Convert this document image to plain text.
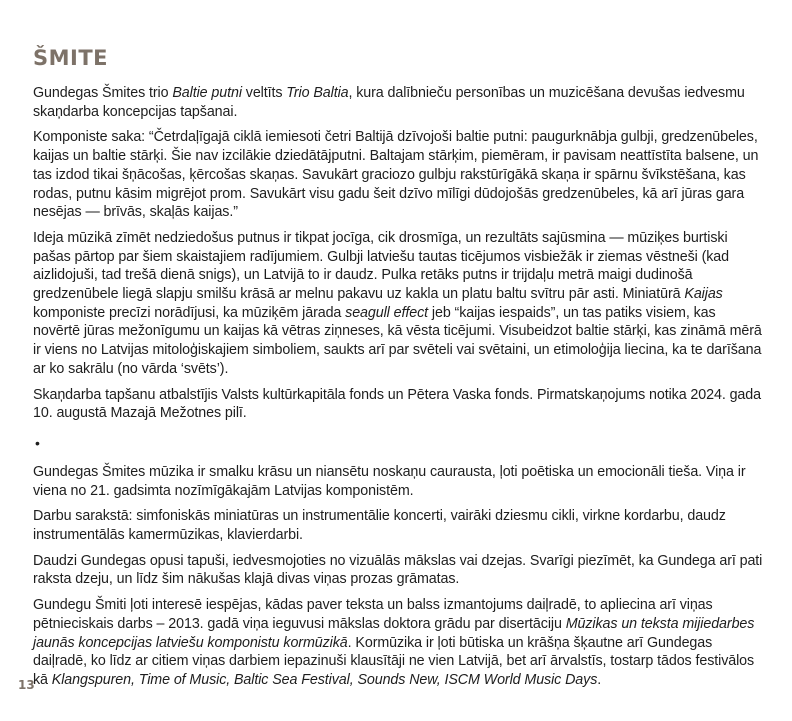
ŠMITE

Gundegas Šmites trio Baltie putni veltīts Trio Baltia, kura dalībnieču personības un muzicēšana devušas iedvesmu skaņdarba koncepcijas tapšanai.

Komponiste saka: “Četrdaļīgajā ciklā iemiesoti četri Baltijā dzīvojoši baltie putni: paugurknābja gulbji, gredzenūbeles, kaijas un baltie stārķi. Šie nav izcilākie dziedātājputni. Baltajam stārķim, piemēram, ir pavisam neattīstīta balsene, un tas izdod tikai šņācošas, ķērcošas skaņas. Savukārt graciozo gulbju rakstūrīgākā skaņa ir spārnu švīkstēšana, kas rodas, putnu kāsim migrējot prom. Savukārt visu gadu šeit dzīvo mīlīgi dūdojošās gredzenūbeles, kā arī jūras gara nesējas — brīvās, skaļās kaijas.”

Ideja mūzikā zīmēt nedziedošus putnus ir tikpat jocīga, cik drosmīga, un rezultāts sajūsmina — mūziķes burtiski pašas pārtop par šiem skaistajiem radījumiem. Gulbji latviešu tautas ticējumos visbiežāk ir ziemas vēstneši (kad aizlidojuši, tad trešā dienā snigs), un Latvijā to ir daudz. Pulka retāks putns ir trijdaļu metrā maigi dudinošā gredzenūbele liegā slapju smilšu krāsā ar melnu pakavu uz kakla un platu baltu svītru pār asti. Miniatūrā Kaijas komponiste precīzi norādījusi, ka mūziķēm jārada seagull effect jeb “kaijas iespaids”, un tas patiks visiem, kas novērtē jūras mežonīgumu un kaijas kā vētras ziņneses, kā vēsta ticējumi. Visubeidzot baltie stārķi, kas zināmā mērā ir viens no Latvijas mitoloģiskajiem simboliem, saukts arī par svēteli vai svētaini, un etimoloģija liecina, ka te darīšana ar ko sakrālu (no vārda ‘svēts’).

Skaņdarba tapšanu atbalstījis Valsts kultūrkapitāla fonds un Pētera Vaska fonds. Pirmatskaņojums notika 2024. gada 10. augustā Mazajā Mežotnes pilī.

•

Gundegas Šmites mūzika ir smalku krāsu un niansētu noskaņu caurausta, ļoti poētiska un emocionāli tieša. Viņa ir viena no 21. gadsimta nozīmīgākajām Latvijas komponistēm.

Darbu sarakstā: simfoniskās miniatūras un instrumentālie koncerti, vairāki dziesmu cikli, virkne kordarbu, daudz instrumentālās kamermūzikas, klavierdarbi.

Daudzi Gundegas opusi tapuši, iedvesmojoties no vizuālās mākslas vai dzejas. Svarīgi piezīmēt, ka Gundega arī pati raksta dzeju, un līdz šim nākušas klajā divas viņas prozas grāmatas.

Gundegu Šmiti ļoti interesē iespējas, kādas paver teksta un balss izmantojums daiļradē, to apliecina arī viņas pētnieciskais darbs – 2013. gadā viņa ieguvusi mākslas doktora grādu par disertāciju Mūzikas un teksta mijiedarbes jaunās koncepcijas latviešu komponistu kormūzikā. Kormūzika ir ļoti būtiska un krāšņa šķautne arī Gundegas daiļradē, ko līdz ar citiem viņas darbiem iepazinuši klausītāji ne vien Latvijā, bet arī ārvalstīs, tostarp tādos festivālos kā Klangspuren, Time of Music, Baltic Sea Festival, Sounds New, ISCM World Music Days.

13
